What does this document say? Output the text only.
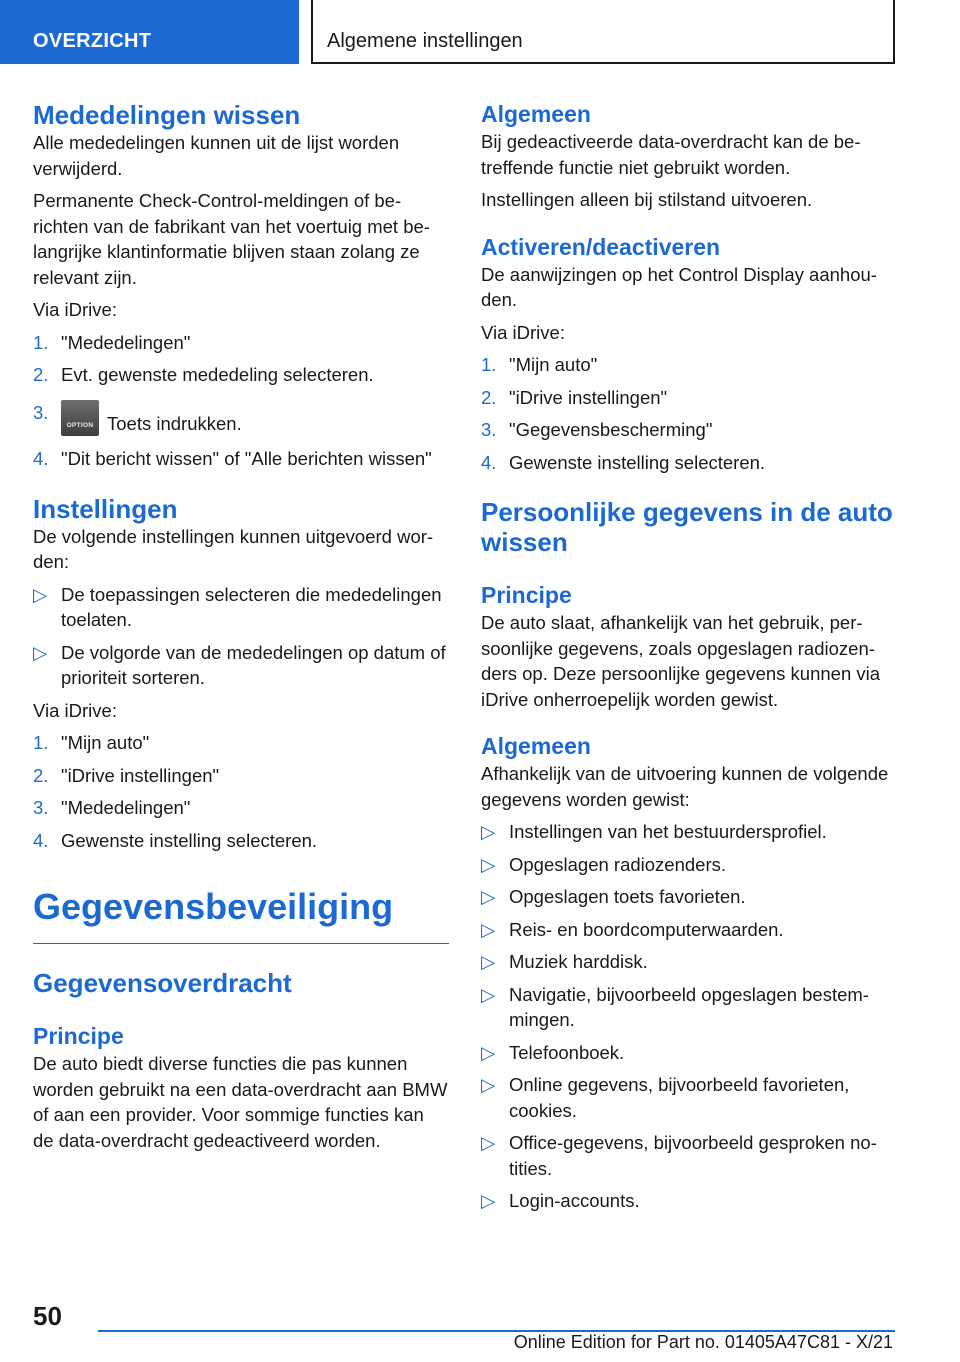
OVERZICHT	Algemene instellingen
Mededelingen wissen

Alle mededelingen kunnen uit de lijst worden verwijderd.

Permanente Check-Control-meldingen of berichten van de fabrikant van het voertuig met belangrijke klantinformatie blijven staan zolang ze relevant zijn.

Via iDrive:

1. "Mededelingen"
2. Evt. gewenste mededeling selecteren.
3.
OPTION Toets indrukken.
4. "Dit bericht wissen" of "Alle berichten wissen"
Instellingen

De volgende instellingen kunnen uitgevoerd worden:

▷ De toepassingen selecteren die mededelingen toelaten.
▷ De volgorde van de mededelingen op datum of prioriteit sorteren.

Via iDrive:

1. "Mijn auto"
2. "iDrive instellingen"
3. "Mededelingen"
4. Gewenste instelling selecteren.
Gegevensbeveiliging
Gegevensoverdracht
Principe

De auto biedt diverse functies die pas kunnen worden gebruikt na een data-overdracht aan BMW of aan een provider. Voor sommige functies kan de data-overdracht gedeactiveerd worden.

Algemeen

Bij gedeactiveerde data-overdracht kan de betreffende functie niet gebruikt worden.

Instellingen alleen bij stilstand uitvoeren.

Activeren/deactiveren

De aanwijzingen op het Control Display aanhouden.

Via iDrive:

1. "Mijn auto"
2. "iDrive instellingen"
3. "Gegevensbescherming"
4. Gewenste instelling selecteren.
Persoonlijke gegevens in de auto wissen
Principe

De auto slaat, afhankelijk van het gebruik, persoonlijke gegevens, zoals opgeslagen radiozenders op. Deze persoonlijke gegevens kunnen via iDrive onherroepelijk worden gewist.

Algemeen

Afhankelijk van de uitvoering kunnen de volgende gegevens worden gewist:

▷ Instellingen van het bestuurdersprofiel.
▷ Opgeslagen radiozenders.
▷ Opgeslagen toets favorieten.
▷ Reis- en boordcomputerwaarden.
▷ Muziek harddisk.
▷ Navigatie, bijvoorbeeld opgeslagen bestemmingen.
▷ Telefoonboek.
▷ Online gegevens, bijvoorbeeld favorieten, cookies.
▷ Office-gegevens, bijvoorbeeld gesproken notities.
▷ Login-accounts.
50
Online Edition for Part no. 01405A47C81 - X/21
